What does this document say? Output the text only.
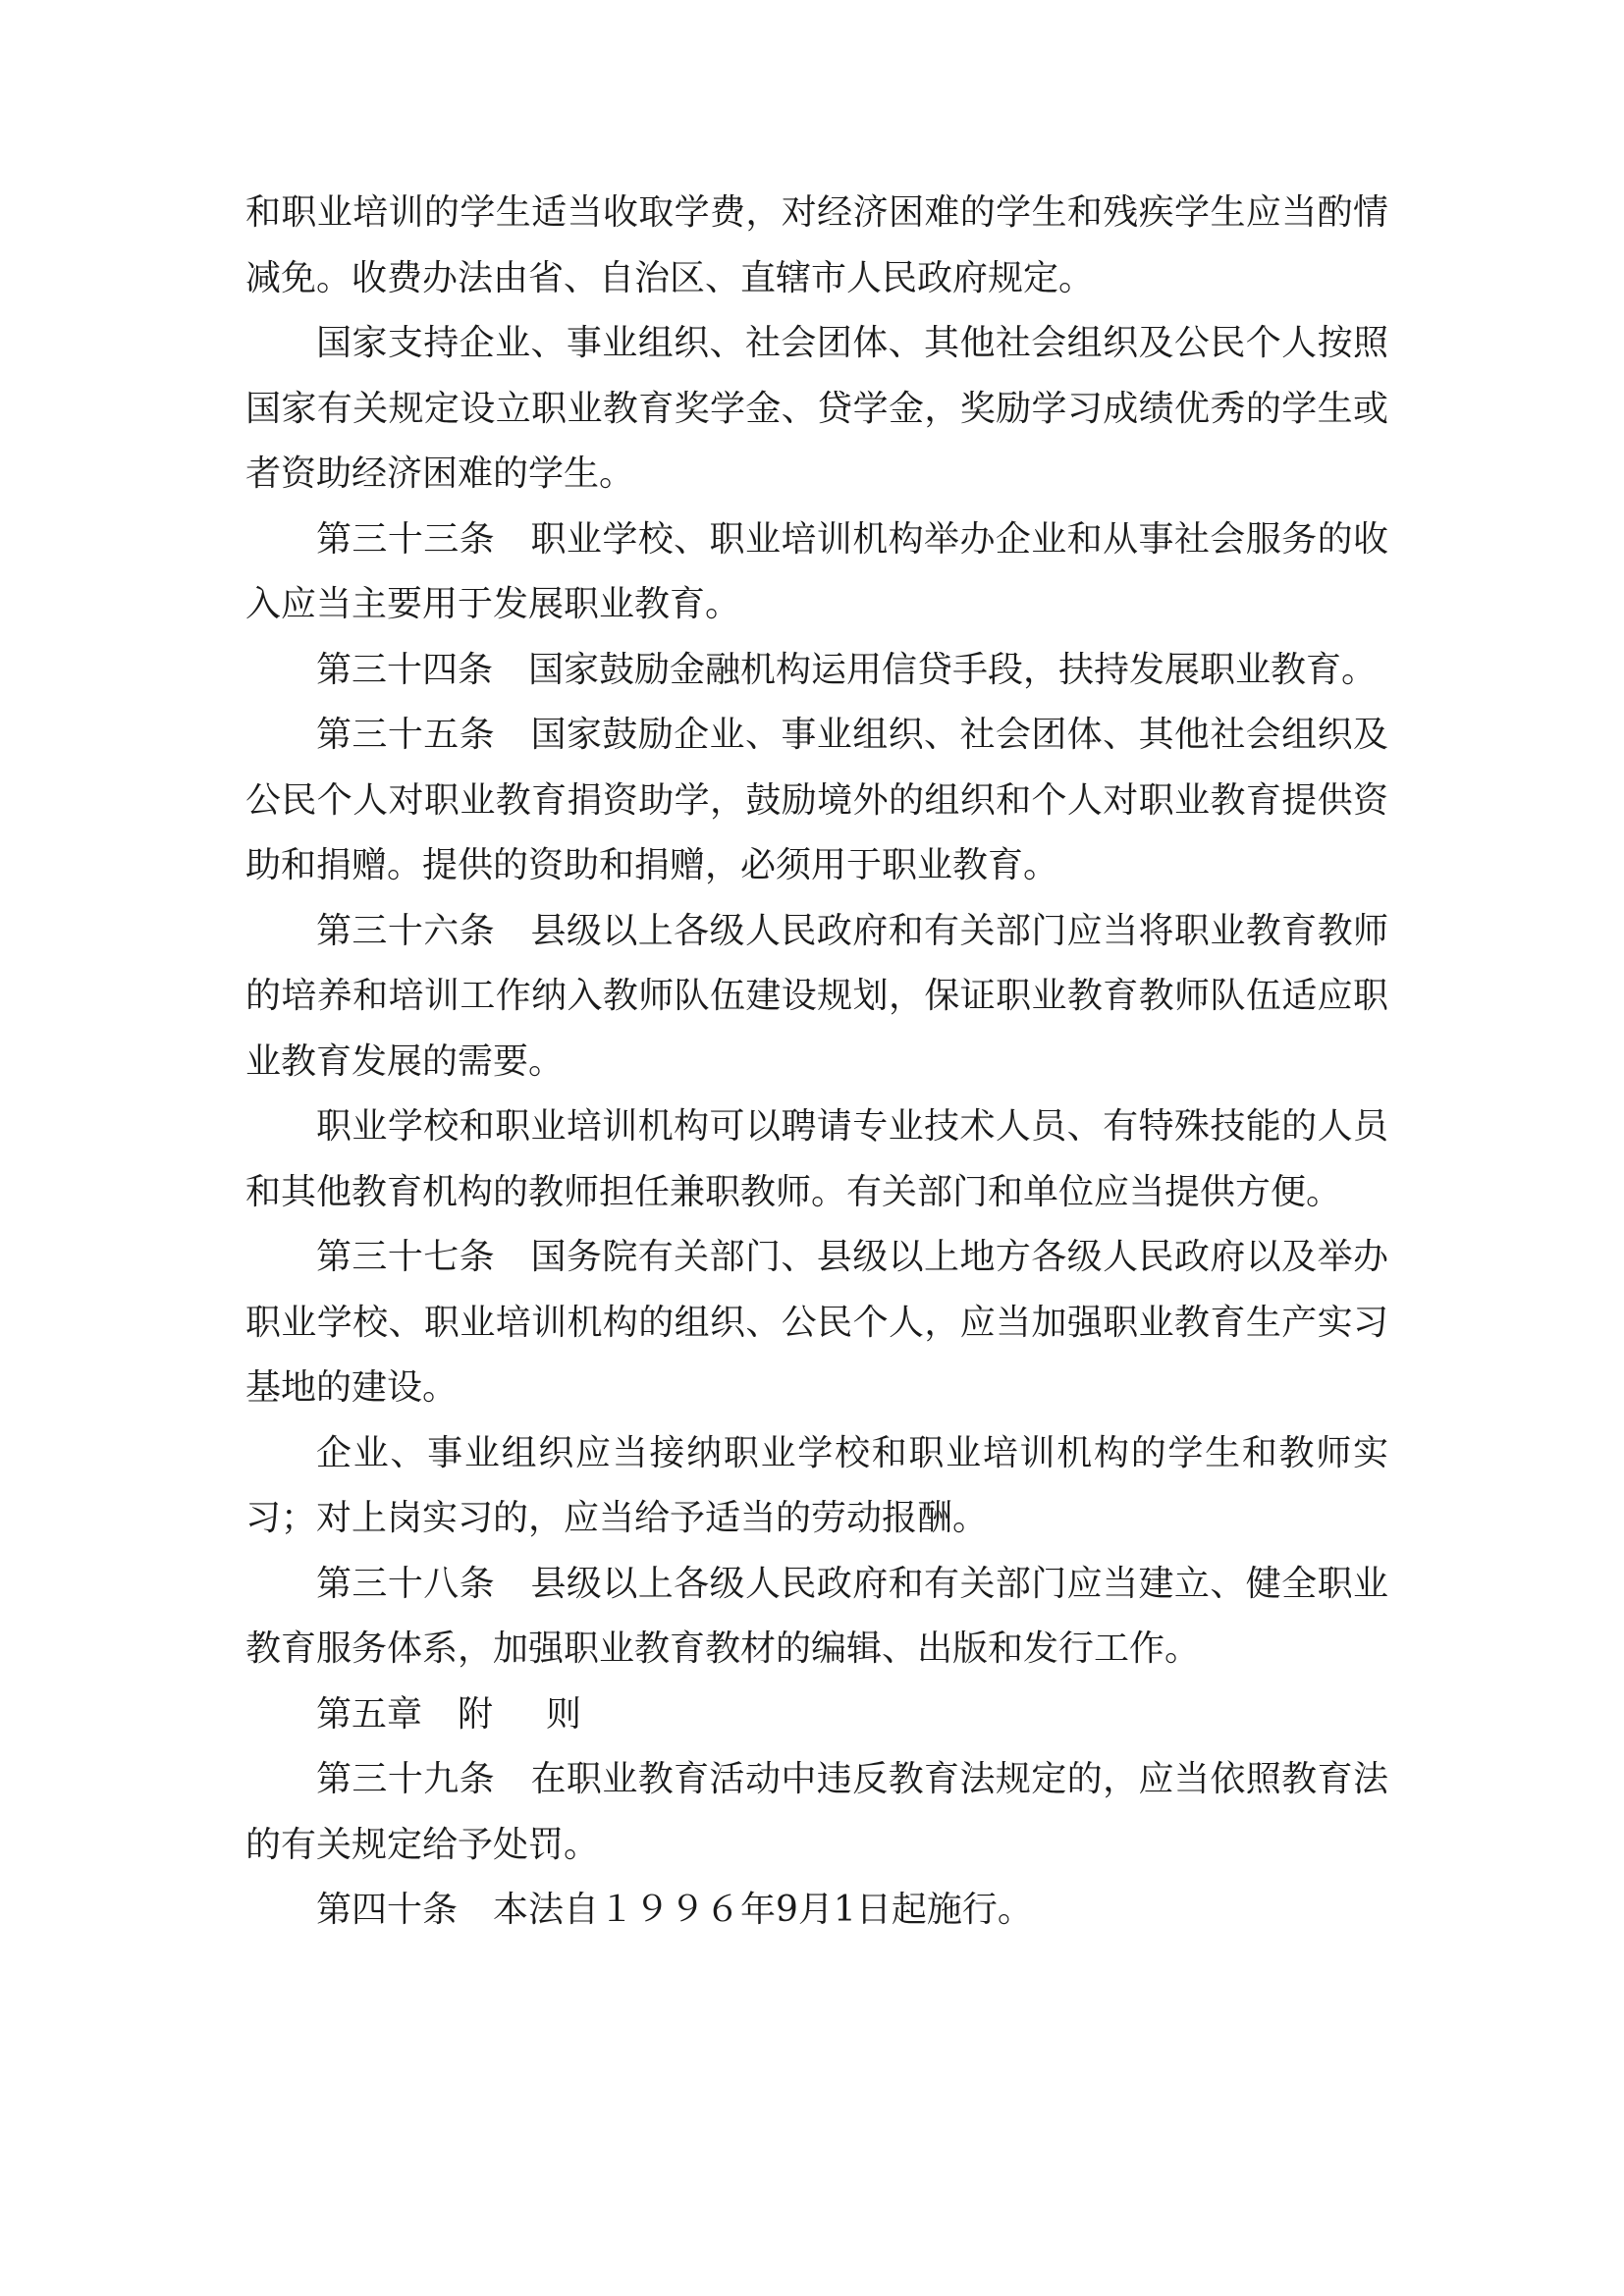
和职业培训的学生适当收取学费，对经济困难的学生和残疾学生应当酌情减免。收费办法由省、自治区、直辖市人民政府规定。

国家支持企业、事业组织、社会团体、其他社会组织及公民个人按照国家有关规定设立职业教育奖学金、贷学金，奖励学习成绩优秀的学生或者资助经济困难的学生。

第三十三条 职业学校、职业培训机构举办企业和从事社会服务的收入应当主要用于发展职业教育。

第三十四条 国家鼓励金融机构运用信贷手段，扶持发展职业教育。

第三十五条 国家鼓励企业、事业组织、社会团体、其他社会组织及公民个人对职业教育捐资助学，鼓励境外的组织和个人对职业教育提供资助和捐赠。提供的资助和捐赠，必须用于职业教育。

第三十六条 县级以上各级人民政府和有关部门应当将职业教育教师的培养和培训工作纳入教师队伍建设规划，保证职业教育教师队伍适应职业教育发展的需要。

职业学校和职业培训机构可以聘请专业技术人员、有特殊技能的人员和其他教育机构的教师担任兼职教师。有关部门和单位应当提供方便。

第三十七条 国务院有关部门、县级以上地方各级人民政府以及举办职业学校、职业培训机构的组织、公民个人，应当加强职业教育生产实习基地的建设。

企业、事业组织应当接纳职业学校和职业培训机构的学生和教师实习；对上岗实习的，应当给予适当的劳动报酬。

第三十八条 县级以上各级人民政府和有关部门应当建立、健全职业教育服务体系，加强职业教育教材的编辑、出版和发行工作。

第五章 附 则

第三十九条 在职业教育活动中违反教育法规定的，应当依照教育法的有关规定给予处罚。

第四十条 本法自１９９６年9月1日起施行。
